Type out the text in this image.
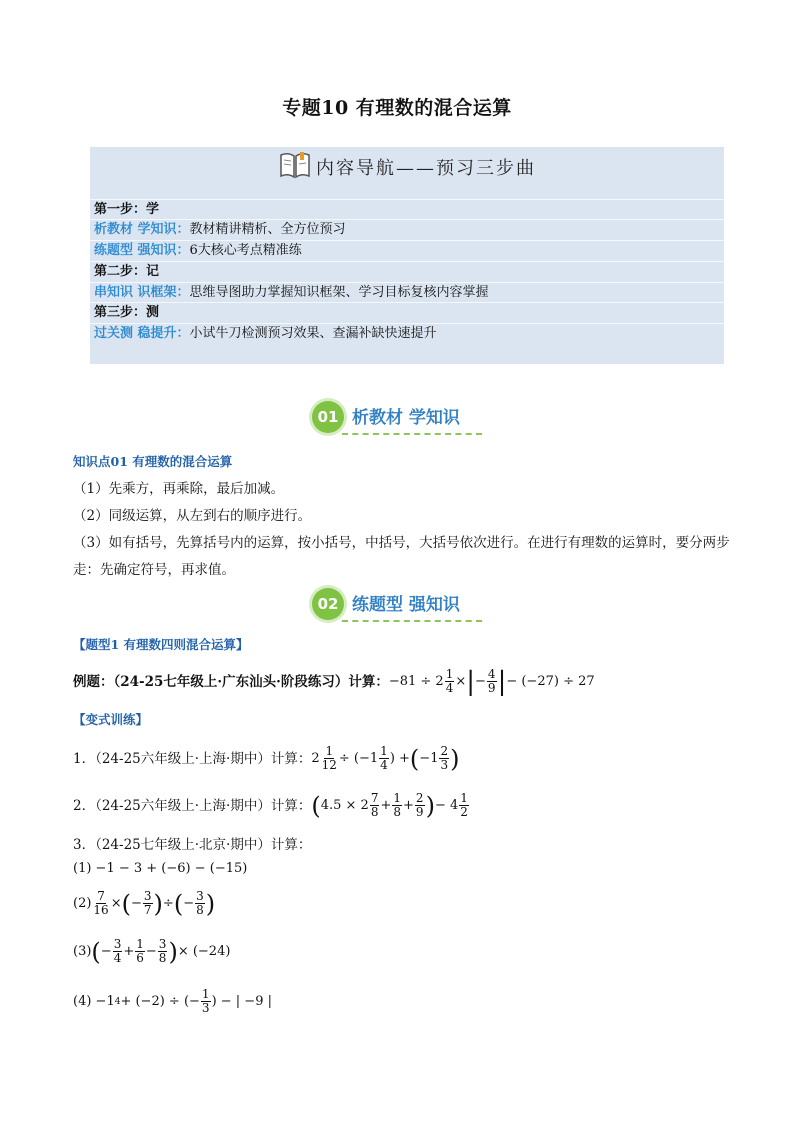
专题10 有理数的混合运算
内容导航——预习三步曲
第一步：学
析教材 学知识：教材精讲精析、全方位预习
练题型 强知识：6大核心考点精准练
第二步：记
串知识 识框架：思维导图助力掌握知识框架、学习目标复核内容掌握
第三步：测
过关测 稳提升：小试牛刀检测预习效果、查漏补缺快速提升
01 析教材 学知识
知识点01 有理数的混合运算
（1）先乘方，再乘除，最后加减。
（2）同级运算，从左到右的顺序进行。
（3）如有括号，先算括号内的运算，按小括号，中括号，大括号依次进行。在进行有理数的运算时，要分两步
走：先确定符号，再求值。
02 练题型 强知识
【题型1 有理数四则混合运算】
例题：（24-25七年级上·广东汕头·阶段练习）计算： $-81 \div 2 \frac{1}{4}$ × | − $\frac{4}{9}$ | − (−27) ÷ 27
【变式训练】
1．（24-25六年级上·上海·期中）计算： $2 \frac{1}{12} \div (-1 \frac{1}{4}$ ) + ( $-1 \frac{2}{3}$ )
2．（24-25六年级上·上海·期中）计算： ( $4.5 \times 2 \frac{7}{8} + \frac{1}{8} + \frac{2}{9}$ ) − $4 \frac{1}{2}$
3．（24-25七年级上·北京·期中）计算：
(1) −1 − 3 + (−6) − (−15)
$(2) \frac{7}{16}$ × ( − $\frac{3}{7}$ ) ÷ ( − $\frac{3}{8}$ )
(3) ( − $\frac{3}{4} + \frac{1}{6} - \frac{3}{8}$ ) × (−24)
(4) −1 4 + (−2) ÷ (− $\frac{1}{3}$ ) − | −9 |
